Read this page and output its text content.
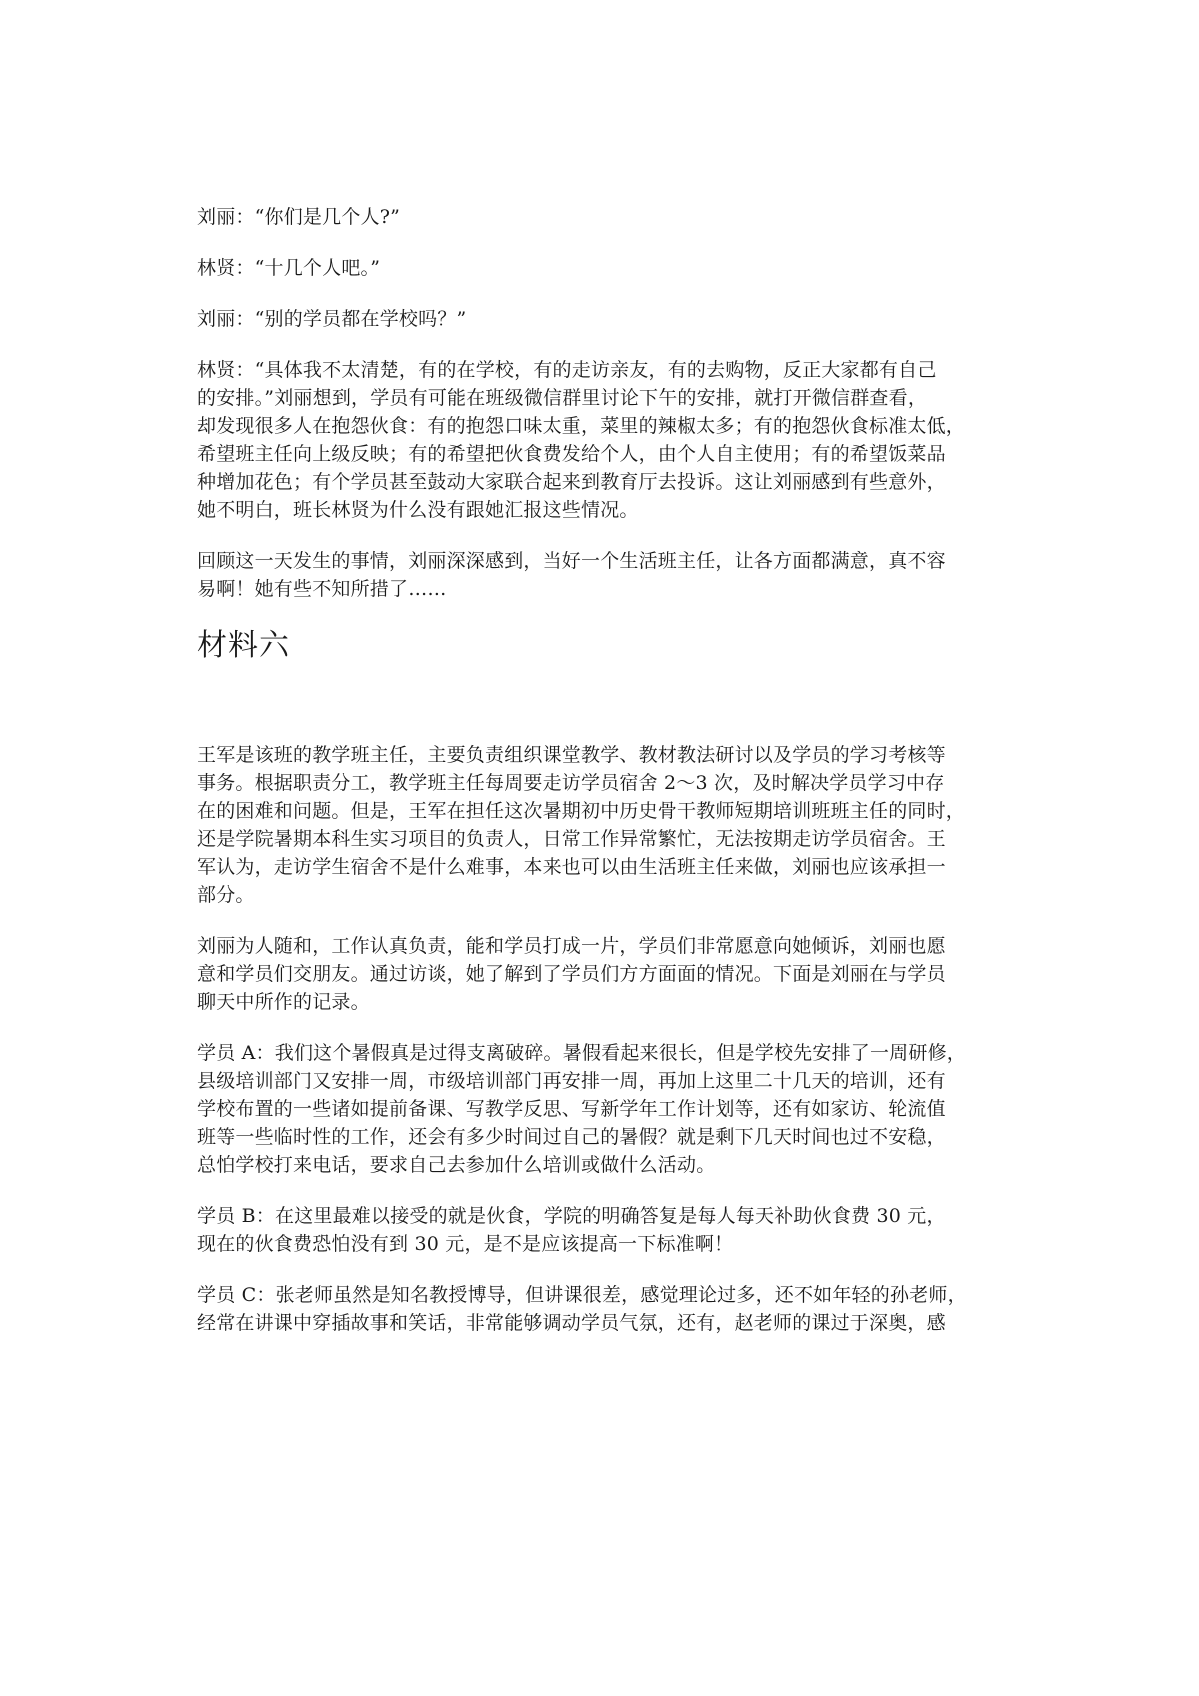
刘丽：“你们是几个人?”

林贤：“十几个人吧。”

刘丽：“别的学员都在学校吗？”

林贤：“具体我不太清楚，有的在学校，有的走访亲友，有的去购物，反正大家都有自己
的安排。”刘丽想到，学员有可能在班级微信群里讨论下午的安排，就打开微信群查看，
却发现很多人在抱怨伙食：有的抱怨口味太重，菜里的辣椒太多；有的抱怨伙食标准太低，
希望班主任向上级反映；有的希望把伙食费发给个人，由个人自主使用；有的希望饭菜品
种增加花色；有个学员甚至鼓动大家联合起来到教育厅去投诉。这让刘丽感到有些意外，
她不明白，班长林贤为什么没有跟她汇报这些情况。

回顾这一天发生的事情，刘丽深深感到，当好一个生活班主任，让各方面都满意，真不容
易啊！她有些不知所措了……

材料六

王军是该班的教学班主任，主要负责组织课堂教学、教材教法研讨以及学员的学习考核等
事务。根据职责分工，教学班主任每周要走访学员宿舍 2～3 次，及时解决学员学习中存
在的困难和问题。但是，王军在担任这次暑期初中历史骨干教师短期培训班班主任的同时，
还是学院暑期本科生实习项目的负责人，日常工作异常繁忙，无法按期走访学员宿舍。王
军认为，走访学生宿舍不是什么难事，本来也可以由生活班主任来做，刘丽也应该承担一
部分。

刘丽为人随和，工作认真负责，能和学员打成一片，学员们非常愿意向她倾诉，刘丽也愿
意和学员们交朋友。通过访谈，她了解到了学员们方方面面的情况。下面是刘丽在与学员
聊天中所作的记录。

学员 A：我们这个暑假真是过得支离破碎。暑假看起来很长，但是学校先安排了一周研修，
县级培训部门又安排一周，市级培训部门再安排一周，再加上这里二十几天的培训，还有
学校布置的一些诸如提前备课、写教学反思、写新学年工作计划等，还有如家访、轮流值
班等一些临时性的工作，还会有多少时间过自己的暑假？就是剩下几天时间也过不安稳，
总怕学校打来电话，要求自己去参加什么培训或做什么活动。

学员 B：在这里最难以接受的就是伙食，学院的明确答复是每人每天补助伙食费 30 元，
现在的伙食费恐怕没有到 30 元，是不是应该提高一下标准啊！

学员 C：张老师虽然是知名教授博导，但讲课很差，感觉理论过多，还不如年轻的孙老师，
经常在讲课中穿插故事和笑话，非常能够调动学员气氛，还有，赵老师的课过于深奥，感
